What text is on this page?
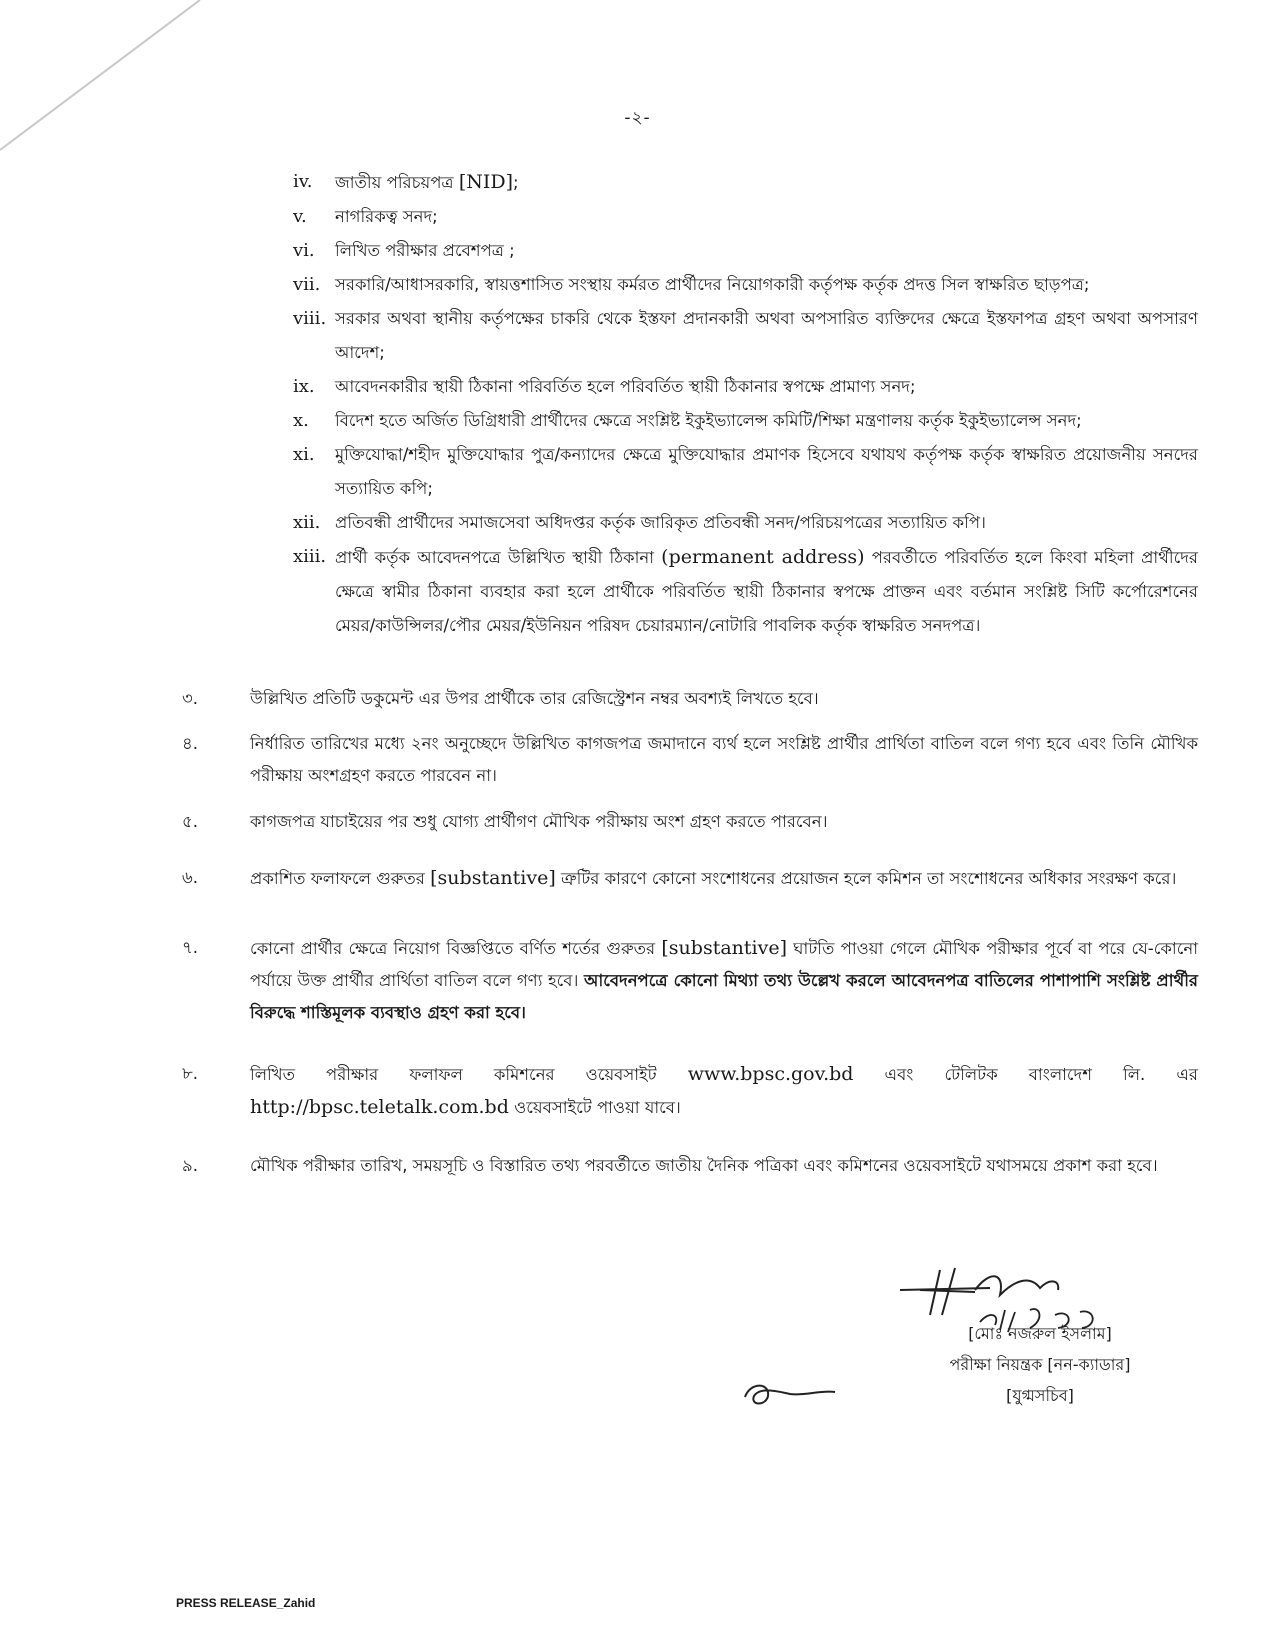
-২-
iv.	জাতীয় পরিচয়পত্র [NID];
v.	নাগরিকত্ব সনদ;
vi.	লিখিত পরীক্ষার প্রবেশপত্র ;
vii. সরকারি/আধাসরকারি, স্বায়ত্তশাসিত সংস্থায় কর্মরত প্রার্থীদের নিয়োগকারী কর্তৃপক্ষ কর্তৃক প্রদত্ত সিল স্বাক্ষরিত ছাড়পত্র;
viii. সরকার অথবা স্থানীয় কর্তৃপক্ষের চাকরি থেকে ইস্তফা প্রদানকারী অথবা অপসারিত ব্যক্তিদের ক্ষেত্রে ইস্তফাপত্র গ্রহণ অথবা অপসারণ আদেশ;
ix.	আবেদনকারীর স্থায়ী ঠিকানা পরিবর্তিত হলে পরিবর্তিত স্থায়ী ঠিকানার স্বপক্ষে প্রামাণ্য সনদ;
x.	বিদেশ হতে অর্জিত ডিগ্রিধারী প্রার্থীদের ক্ষেত্রে সংশ্লিষ্ট ইকুইভ্যালেন্স কমিটি/শিক্ষা মন্ত্রণালয় কর্তৃক ইকুইভ্যালেন্স সনদ;
xi.	মুক্তিযোদ্ধা/শহীদ মুক্তিযোদ্ধার পুত্র/কন্যাদের ক্ষেত্রে মুক্তিযোদ্ধার প্রমাণক হিসেবে যথাযথ কর্তৃপক্ষ কর্তৃক স্বাক্ষরিত প্রয়োজনীয় সনদের সত্যায়িত কপি;
xii. প্রতিবন্ধী প্রার্থীদের সমাজসেবা অধিদপ্তর কর্তৃক জারিকৃত প্রতিবন্ধী সনদ/পরিচয়পত্রের সত্যায়িত কপি।
xiii. প্রার্থী কর্তৃক আবেদনপত্রে উল্লিখিত স্থায়ী ঠিকানা (permanent address) পরবর্তীতে পরিবর্তিত হলে কিংবা মহিলা প্রার্থীদের ক্ষেত্রে স্বামীর ঠিকানা ব্যবহার করা হলে প্রার্থীকে পরিবর্তিত স্থায়ী ঠিকানার স্বপক্ষে প্রাক্তন এবং বর্তমান সংশ্লিষ্ট সিটি কর্পোরেশনের মেয়র/কাউন্সিলর/পৌর মেয়র/ইউনিয়ন পরিষদ চেয়ারম্যান/নোটারি পাবলিক কর্তৃক স্বাক্ষরিত সনদপত্র।
৩.	উল্লিখিত প্রতিটি ডকুমেন্ট এর উপর প্রার্থীকে তার রেজিস্ট্রেশন নম্বর অবশ্যই লিখতে হবে।
৪.	নির্ধারিত তারিখের মধ্যে ২নং অনুচ্ছেদে উল্লিখিত কাগজপত্র জমাদানে ব্যর্থ হলে সংশ্লিষ্ট প্রার্থীর প্রার্থিতা বাতিল বলে গণ্য হবে এবং তিনি মৌখিক পরীক্ষায় অংশগ্রহণ করতে পারবেন না।
৫.	কাগজপত্র যাচাইয়ের পর শুধু যোগ্য প্রার্থীগণ মৌখিক পরীক্ষায় অংশ গ্রহণ করতে পারবেন।
৬.	প্রকাশিত ফলাফলে গুরুতর [substantive] ত্রুটির কারণে কোনো সংশোধনের প্রয়োজন হলে কমিশন তা সংশোধনের অধিকার সংরক্ষণ করে।
৭.	কোনো প্রার্থীর ক্ষেত্রে নিয়োগ বিজ্ঞপ্তিতে বর্ণিত শর্তের গুরুতর [substantive] ঘাটতি পাওয়া গেলে মৌখিক পরীক্ষার পূর্বে বা পরে যে-কোনো পর্যায়ে উক্ত প্রার্থীর প্রার্থিতা বাতিল বলে গণ্য হবে। আবেদনপত্রে কোনো মিথ্যা তথ্য উল্লেখ করলে আবেদনপত্র বাতিলের পাশাপাশি সংশ্লিষ্ট প্রার্থীর বিরুদ্ধে শাস্তিমূলক ব্যবস্থাও গ্রহণ করা হবে।
৮.	লিখিত পরীক্ষার ফলাফল কমিশনের ওয়েবসাইট www.bpsc.gov.bd এবং টেলিটক বাংলাদেশ লি. এর http://bpsc.teletalk.com.bd ওয়েবসাইটে পাওয়া যাবে।
৯.	মৌখিক পরীক্ষার তারিখ, সময়সূচি ও বিস্তারিত তথ্য পরবর্তীতে জাতীয় দৈনিক পত্রিকা এবং কমিশনের ওয়েবসাইটে যথাসময়ে প্রকাশ করা হবে।
[মোঃ নজরুল ইসলাম]
পরীক্ষা নিয়ন্ত্রক [নন-ক্যাডার]
[যুগ্মসচিব]
PRESS RELEASE_Zahid
